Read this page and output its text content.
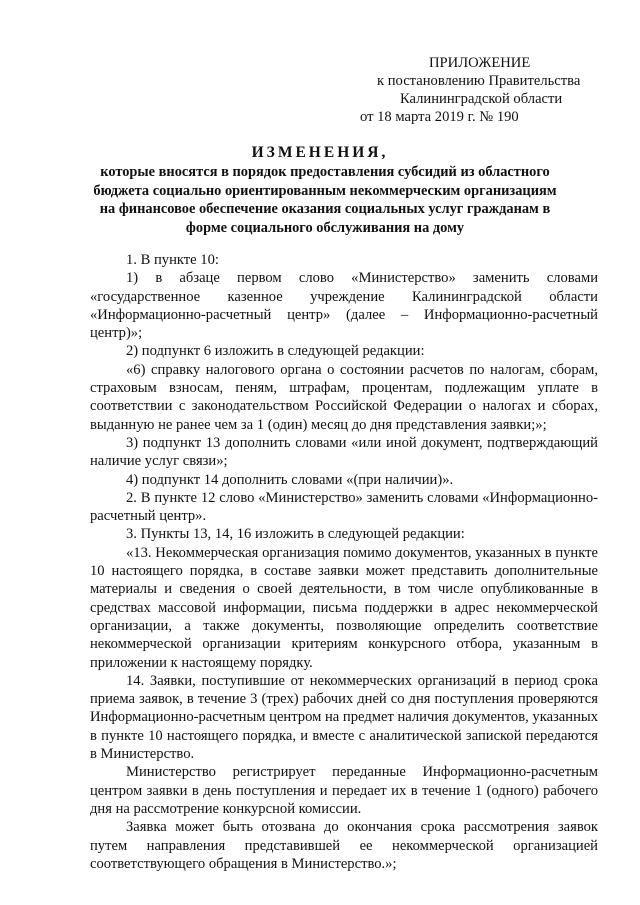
ПРИЛОЖЕНИЕ
к постановлению Правительства
Калининградской области
от 18 марта 2019 г. № 190
ИЗМЕНЕНИЯ,
которые вносятся в порядок предоставления субсидий из областного бюджета социально ориентированным некоммерческим организациям на финансовое обеспечение оказания социальных услуг гражданам в форме социального обслуживания на дому

1. В пункте 10:

1) в абзаце первом слово «Министерство» заменить словами «государственное казенное учреждение Калининградской области «Информационно-расчетный центр» (далее – Информационно-расчетный центр)»;

2) подпункт 6 изложить в следующей редакции:

«6) справку налогового органа о состоянии расчетов по налогам, сборам, страховым взносам, пеням, штрафам, процентам, подлежащим уплате в соответствии с законодательством Российской Федерации о налогах и сборах, выданную не ранее чем за 1 (один) месяц до дня представления заявки;»;

3) подпункт 13 дополнить словами «или иной документ, подтверждающий наличие услуг связи»;

4) подпункт 14 дополнить словами «(при наличии)».

2. В пункте 12 слово «Министерство» заменить словами «Информационно-расчетный центр».

3. Пункты 13, 14, 16 изложить в следующей редакции:

«13. Некоммерческая организация помимо документов, указанных в пункте 10 настоящего порядка, в составе заявки может представить дополнительные материалы и сведения о своей деятельности, в том числе опубликованные в средствах массовой информации, письма поддержки в адрес некоммерческой организации, а также документы, позволяющие определить соответствие некоммерческой организации критериям конкурсного отбора, указанным в приложении к настоящему порядку.

14. Заявки, поступившие от некоммерческих организаций в период срока приема заявок, в течение 3 (трех) рабочих дней со дня поступления проверяются Информационно-расчетным центром на предмет наличия документов, указанных в пункте 10 настоящего порядка, и вместе с аналитической запиской передаются в Министерство.

Министерство регистрирует переданные Информационно-расчетным центром заявки в день поступления и передает их в течение 1 (одного) рабочего дня на рассмотрение конкурсной комиссии.

Заявка может быть отозвана до окончания срока рассмотрения заявок путем направления представившей ее некоммерческой организацией соответствующего обращения в Министерство.»;
